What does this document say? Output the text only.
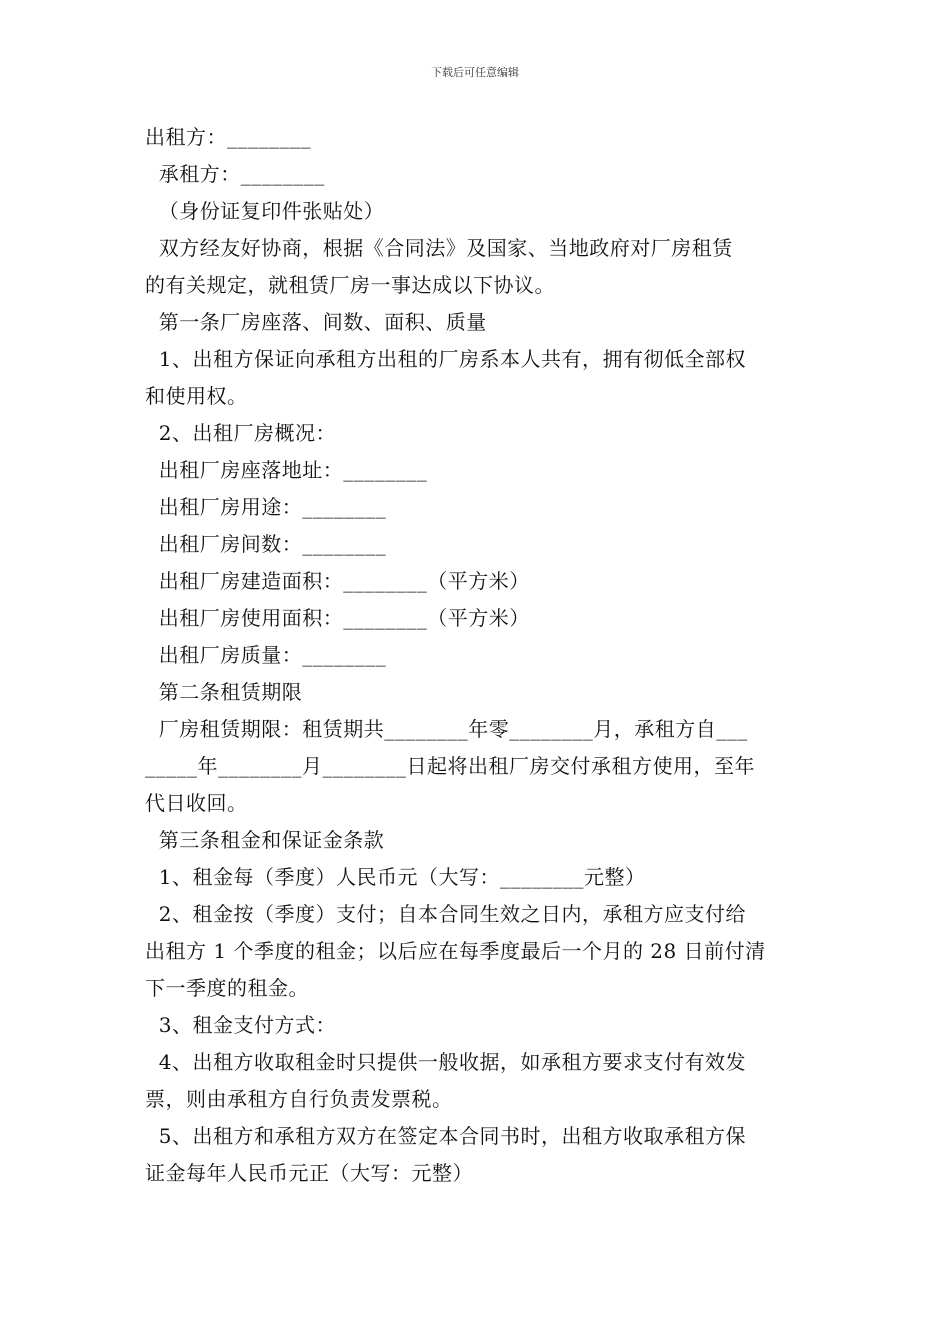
下载后可任意编辑

出租方：________

承租方：________

（身份证复印件张贴处）

双方经友好协商，根据《合同法》及国家、当地政府对厂房租赁

的有关规定，就租赁厂房一事达成以下协议。

第一条厂房座落、间数、面积、质量

1、出租方保证向承租方出租的厂房系本人共有，拥有彻低全部权

和使用权。

2、出租厂房概况：

出租厂房座落地址：________

出租厂房用途：________

出租厂房间数：________

出租厂房建造面积：________（平方米）

出租厂房使用面积：________（平方米）

出租厂房质量：________

第二条租赁期限

厂房租赁期限：租赁期共________年零________月，承租方自___

_____年________月________日起将出租厂房交付承租方使用，至年

代日收回。

第三条租金和保证金条款

1、租金每（季度）人民币元（大写：________元整）

2、租金按（季度）支付；自本合同生效之日内，承租方应支付给

出租方 1 个季度的租金；以后应在每季度最后一个月的 28 日前付清

下一季度的租金。

3、租金支付方式：

4、出租方收取租金时只提供一般收据，如承租方要求支付有效发

票，则由承租方自行负责发票税。

5、出租方和承租方双方在签定本合同书时，出租方收取承租方保

证金每年人民币元正（大写：元整）
